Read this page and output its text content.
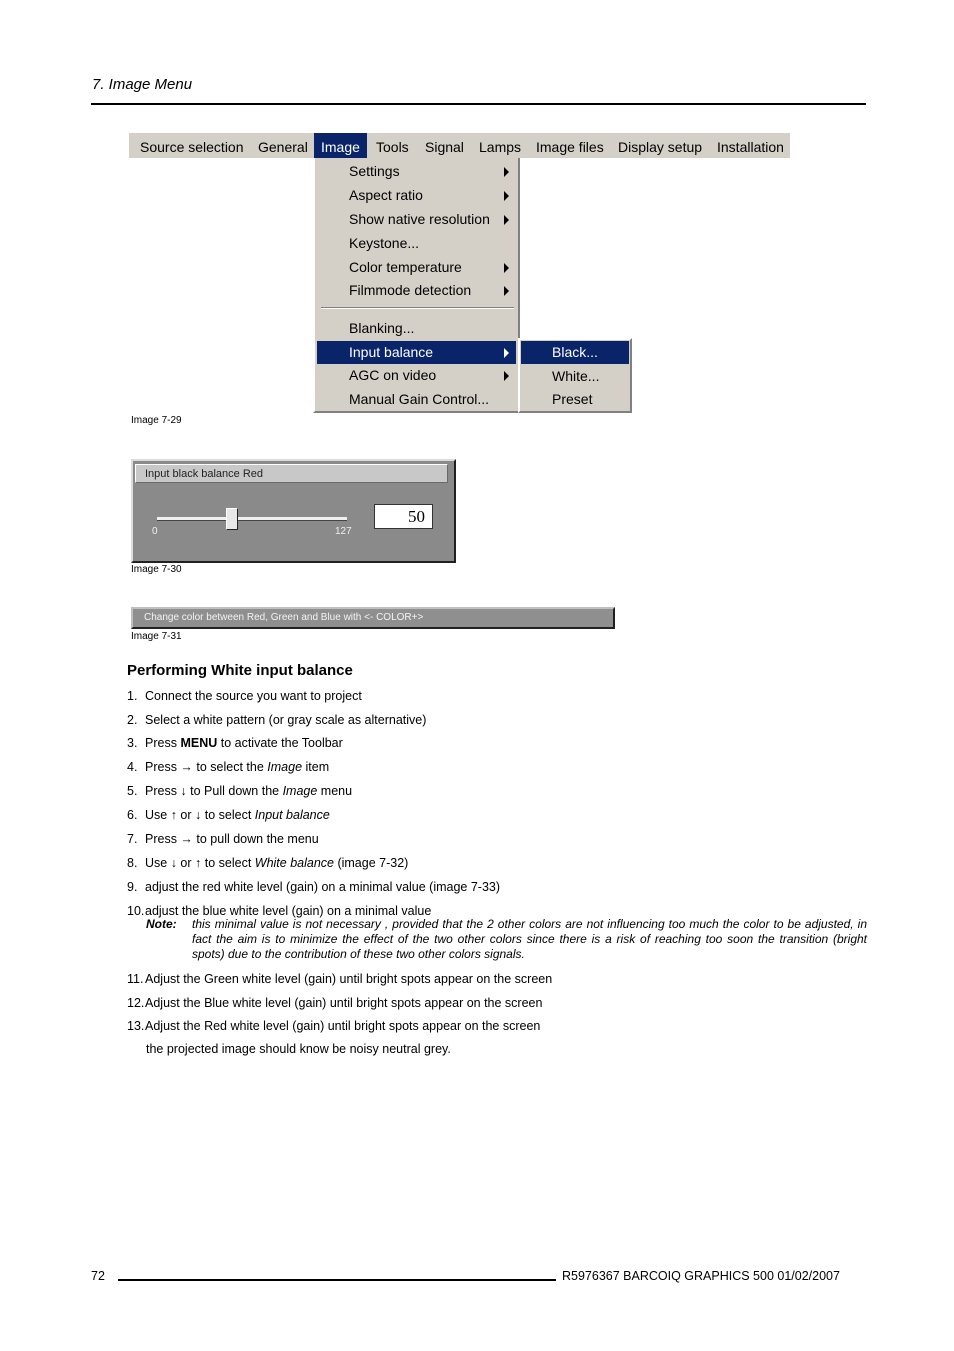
7. Image Menu
Source selection General Image	Tools Signal Lamps Image files Display setup Installation
Settings
Aspect ratio
Show native resolution
Keystone...
Color temperature
Filmmode detection
Blanking...
Input balance
AGC on video
Manual Gain Control...
Black...
White...
Preset
Image 7-29
Input black balance Red
0	127
50
Image 7-30
Change color between Red, Green and Blue with <- COLOR+>
Image 7-31
Performing White input balance
1. Connect the source you want to project
2. Select a white pattern (or gray scale as alternative)
3. Press MENU to activate the Toolbar
4. Press → to select the Image item
5. Press ↓ to Pull down the Image menu
6. Use ↑ or ↓ to select Input balance
7. Press → to pull down the menu
8. Use ↓ or ↑ to select White balance (image 7-32)
9. adjust the red white level (gain) on a minimal value (image 7-33)
10. adjust the blue white level (gain) on a minimal value
Note: this minimal value is not necessary , provided that the 2 other colors are not influencing too much the color to be adjusted, in fact the aim is to minimize the effect of the two other colors since there is a risk of reaching too soon the transition (bright spots) due to the contribution of these two other colors signals.
11. Adjust the Green white level (gain) until bright spots appear on the screen
12. Adjust the Blue white level (gain) until bright spots appear on the screen
13. Adjust the Red white level (gain) until bright spots appear on the screen
the projected image should know be noisy neutral grey.
72	R5976367 BARCOIQ GRAPHICS 500 01/02/2007
